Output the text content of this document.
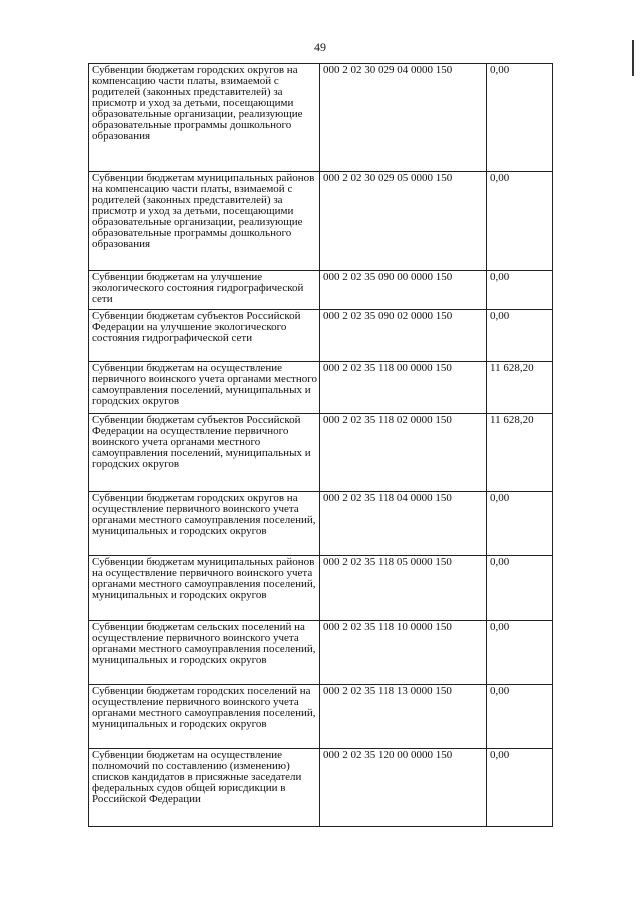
49
Субвенции бюджетам городских округов на компенсацию части платы, взимаемой с родителей (законных представителей) за присмотр и уход за детьми, посещающими образовательные организации, реализующие образовательные программы дошкольного образования	000 2 02 30 029 04 0000 150	0,00
Субвенции бюджетам муниципальных районов на компенсацию части платы, взимаемой с родителей (законных представителей) за присмотр и уход за детьми, посещающими образовательные организации, реализующие образовательные программы дошкольного образования	000 2 02 30 029 05 0000 150	0,00
Субвенции бюджетам на улучшение экологического состояния гидрографической сети	000 2 02 35 090 00 0000 150	0,00
Субвенции бюджетам субъектов Российской Федерации на улучшение экологического состояния гидрографической сети	000 2 02 35 090 02 0000 150	0,00
Субвенции бюджетам на осуществление первичного воинского учета органами местного самоуправления поселений, муниципальных и городских округов	000 2 02 35 118 00 0000 150	11 628,20
Субвенции бюджетам субъектов Российской Федерации на осуществление первичного воинского учета органами местного самоуправления поселений, муниципальных и городских округов	000 2 02 35 118 02 0000 150	11 628,20
Субвенции бюджетам городских округов на осуществление первичного воинского учета органами местного самоуправления поселений, муниципальных и городских округов	000 2 02 35 118 04 0000 150	0,00
Субвенции бюджетам муниципальных районов на осуществление первичного воинского учета органами местного самоуправления поселений, муниципальных и городских округов	000 2 02 35 118 05 0000 150	0,00
Субвенции бюджетам сельских поселений на осуществление первичного воинского учета органами местного самоуправления поселений, муниципальных и городских округов	000 2 02 35 118 10 0000 150	0,00
Субвенции бюджетам городских поселений на осуществление первичного воинского учета органами местного самоуправления поселений, муниципальных и городских округов	000 2 02 35 118 13 0000 150	0,00
Субвенции бюджетам на осуществление полномочий по составлению (изменению) списков кандидатов в присяжные заседатели федеральных судов общей юрисдикции в Российской Федерации	000 2 02 35 120 00 0000 150	0,00
